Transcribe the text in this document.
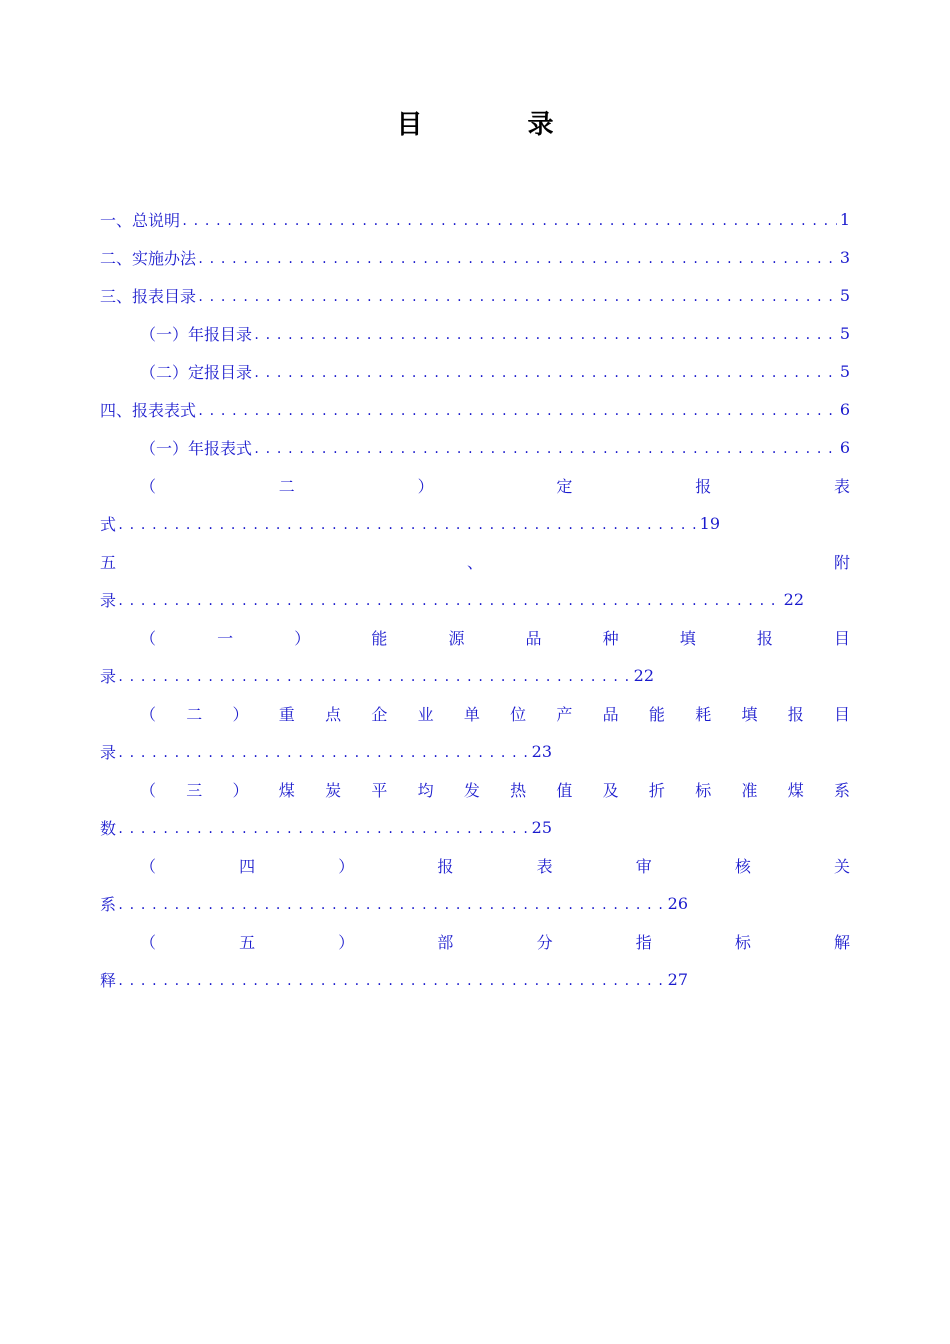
目 录
一、总说明 . . .	1
二、实施办法 . . .	3
三、报表目录 . . .	5
（一）年报目录 . . .	5
（二）定报目录 . . .	5
四、报表表式 . . .	6
（一）年报表式 . . .	6
（	二	）	定	报	表
式 . . .	19
五	、	附
录 . . .	22
（	一	）	能	源	品	种	填	报	目
录 . . .	22
（ 二 ） 重 点 企 业 单 位 产 品 能 耗 填 报 目
录 . . .	23
（ 三 ） 煤 炭 平 均 发 热 值 及 折 标 准 煤 系
数 . . .	25
（	四	）	报	表	审	核	关
系 . . .	26
（	五	）	部	分	指	标	解
释 . . .	27
